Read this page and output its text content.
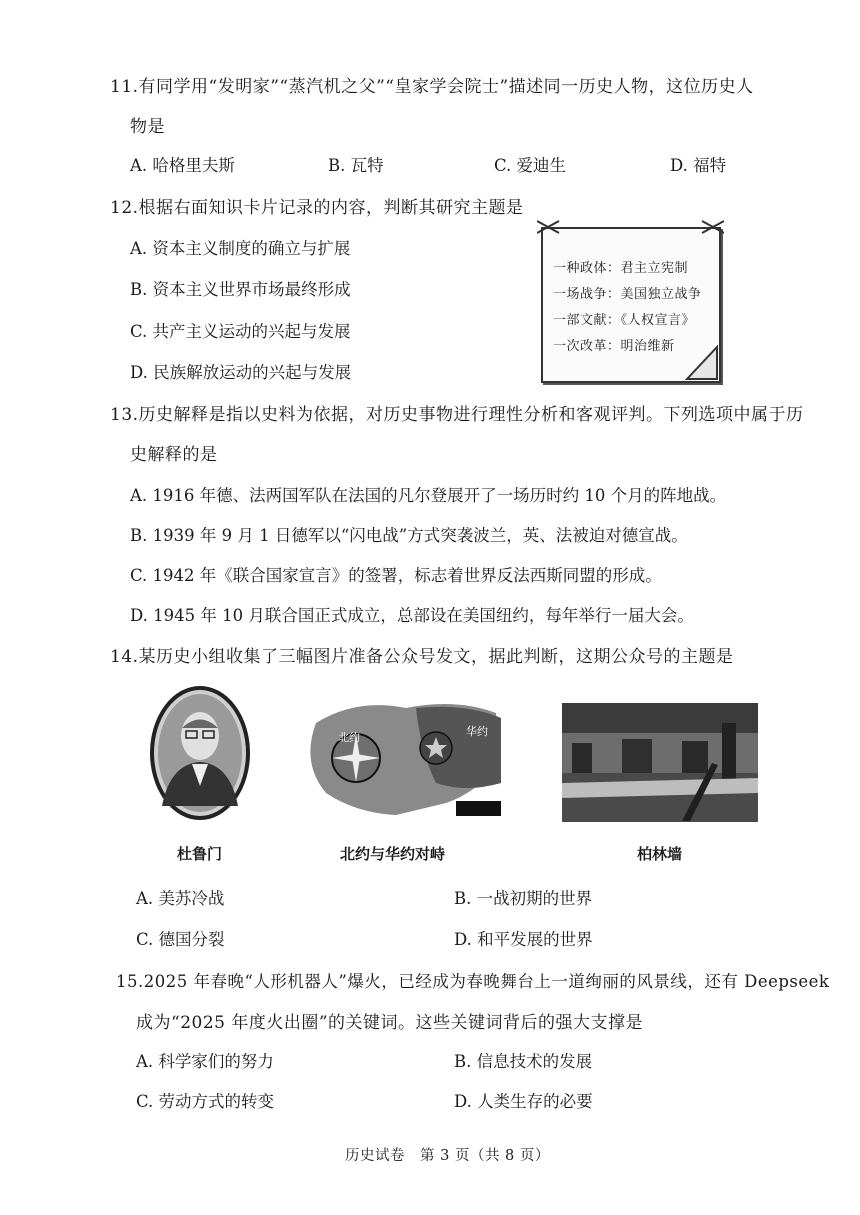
11.有同学用“发明家”“蒸汽机之父”“皇家学会院士”描述同一历史人物，这位历史人
物是
A. 哈格里夫斯	B. 瓦特	C. 爱迪生	D. 福特
12.根据右面知识卡片记录的内容，判断其研究主题是
A. 资本主义制度的确立与扩展
B. 资本主义世界市场最终形成
C. 共产主义运动的兴起与发展
D. 民族解放运动的兴起与发展
一种政体：君主立宪制
一场战争：美国独立战争
一部文献：《人权宣言》
一次改革：明治维新
13.历史解释是指以史料为依据，对历史事物进行理性分析和客观评判。下列选项中属于历
史解释的是
A. 1916 年德、法两国军队在法国的凡尔登展开了一场历时约 10 个月的阵地战。
B. 1939 年 9 月 1 日德军以“闪电战”方式突袭波兰，英、法被迫对德宣战。
C. 1942 年《联合国家宣言》的签署，标志着世界反法西斯同盟的形成。
D. 1945 年 10 月联合国正式成立，总部设在美国纽约，每年举行一届大会。
14.某历史小组收集了三幅图片准备公众号发文，据此判断，这期公众号的主题是
北约	华约
杜鲁门	北约与华约对峙	柏林墙
A. 美苏冷战	B. 一战初期的世界
C. 德国分裂	D. 和平发展的世界
15.2025 年春晚“人形机器人”爆火，已经成为春晚舞台上一道绚丽的风景线，还有 Deepseek
成为“2025 年度火出圈”的关键词。这些关键词背后的强大支撑是
A. 科学家们的努力	B. 信息技术的发展
C. 劳动方式的转变	D. 人类生存的必要
历史试卷　第 3 页（共 8 页）
